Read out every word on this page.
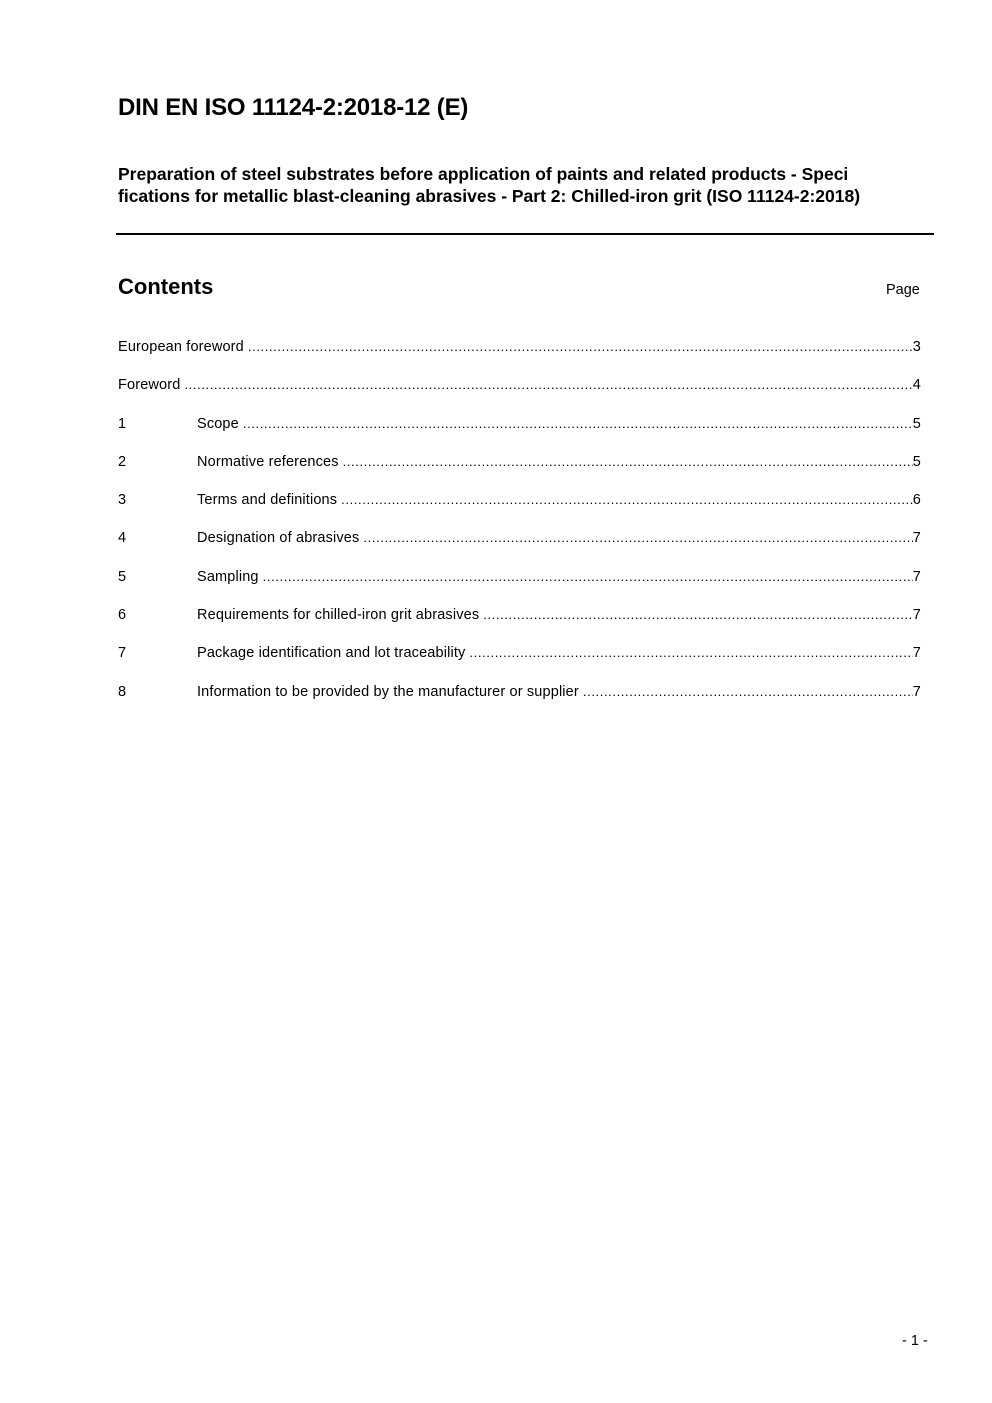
DIN EN ISO 11124-2:2018-12 (E)
Preparation of steel substrates before application of paints and related products - Speci fications for metallic blast-cleaning abrasives - Part 2: Chilled-iron grit (ISO 11124-2:2018)
Contents	Page
European foreword .....	3
Foreword .....	4
1	Scope .....	5
2	Normative references .....	5
3	Terms and definitions .....	6
4	Designation of abrasives .....	7
5	Sampling .....	7
6	Requirements for chilled-iron grit abrasives .....	7
7	Package identification and lot traceability .....	7
8	Information to be provided by the manufacturer or supplier .....	7
- 1 -
